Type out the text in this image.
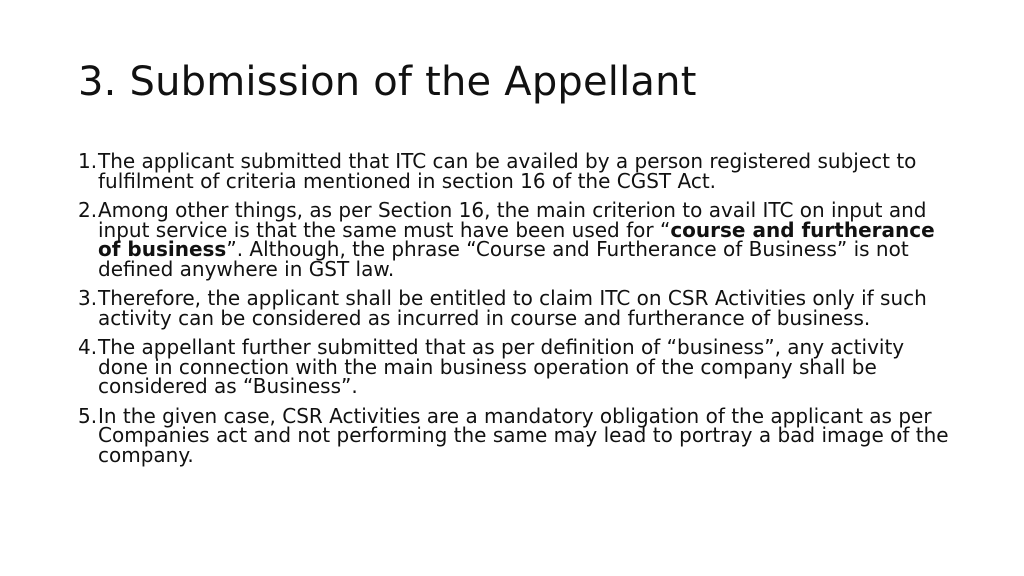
3. Submission of the Appellant
1. The applicant submitted that ITC can be availed by a person registered subject to fulfilment of criteria mentioned in section 16 of the CGST Act.
2. Among other things, as per Section 16, the main criterion to avail ITC on input and input service is that the same must have been used for “course and furtherance of business”. Although, the phrase “Course and Furtherance of Business” is not defined anywhere in GST law.
3. Therefore, the applicant shall be entitled to claim ITC on CSR Activities only if such activity can be considered as incurred in course and furtherance of business.
4. The appellant further submitted that as per definition of “business”, any activity done in connection with the main business operation of the company shall be considered as “Business”.
5. In the given case, CSR Activities are a mandatory obligation of the applicant as per Companies act and not performing the same may lead to portray a bad image of the company.
